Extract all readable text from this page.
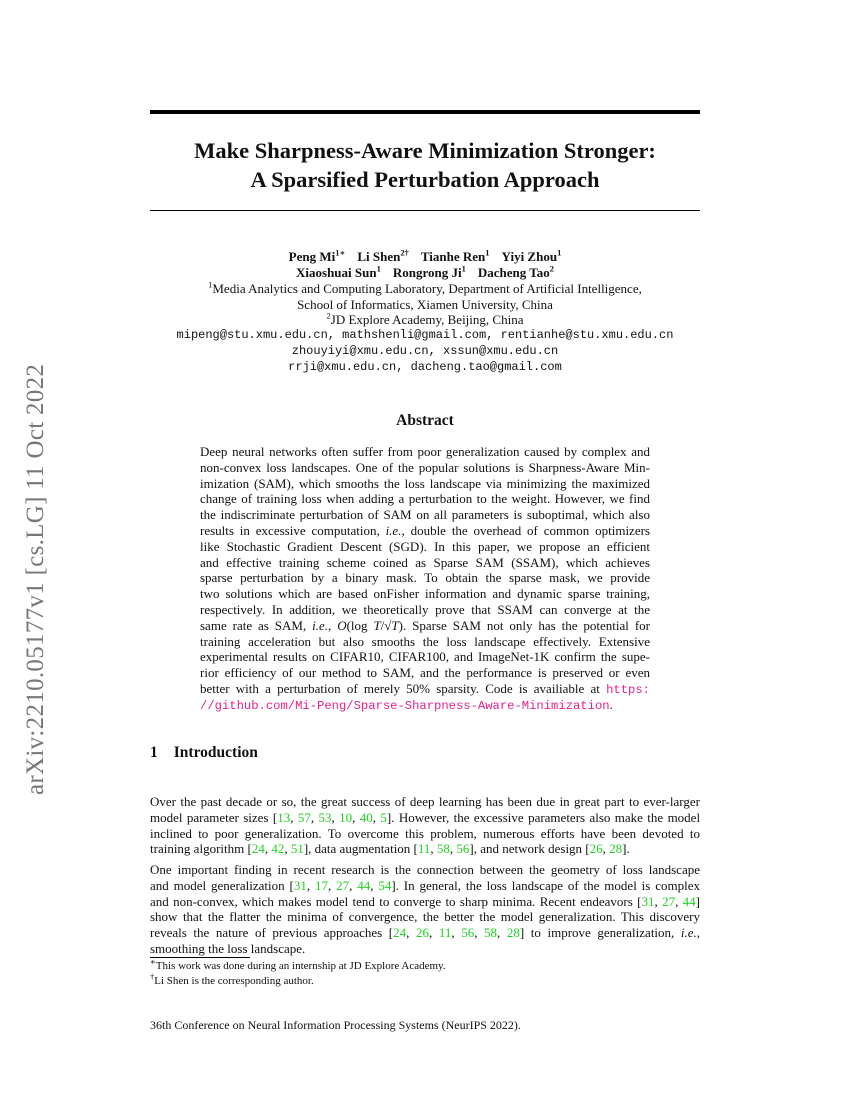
arXiv:2210.05177v1 [cs.LG] 11 Oct 2022
Make Sharpness-Aware Minimization Stronger:
A Sparsified Perturbation Approach
Peng $Mi^{1∗}$ Li Shen$^{2\dagger}$ Tianhe Ren$^1$ Yiyi Zhou$^1$
Xiaoshuai Sun$^1$ Rongrong Ji$^1$ Dacheng Tao$^2$
$^1$Media Analytics and Computing Laboratory, Department of Artificial Intelligence,
School of Informatics, Xiamen University, China
$^2$JD Explore Academy, Beijing, China
mipeng@stu.xmu.edu.cn, mathshenli@gmail.com, rentianhe@stu.xmu.edu.cn
zhouyiyi@xmu.edu.cn, xssun@xmu.edu.cn
rrji@xmu.edu.cn, dacheng.tao@gmail.com
Abstract
Deep neural networks often suffer from poor generalization caused by complex and
non-convex loss landscapes. One of the popular solutions is Sharpness-Aware Min-
imization (SAM), which smooths the loss landscape via minimizing the maximized
change of training loss when adding a perturbation to the weight. However, we find
the indiscriminate perturbation of SAM on all parameters is suboptimal, which also
results in excessive computation, i.e., double the overhead of common optimizers
like Stochastic Gradient Descent (SGD). In this paper, we propose an efficient
and effective training scheme coined as Sparse SAM (SSAM), which achieves
sparse perturbation by a binary mask. To obtain the sparse mask, we provide
two solutions which are based onFisher information and dynamic sparse training,
respectively. In addition, we theoretically prove that SSAM can converge at the
same rate as SAM, i.e., O(log T/√T). Sparse SAM not only has the potential for
training acceleration but also smooths the loss landscape effectively. Extensive
experimental results on CIFAR10, CIFAR100, and ImageNet-1K confirm the supe-
rior efficiency of our method to SAM, and the performance is preserved or even
better with a perturbation of merely 50% sparsity. Code is availiable at https:
//github.com/Mi-Peng/Sparse-Sharpness-Aware-Minimization.
1 Introduction
Over the past decade or so, the great success of deep learning has been due in great part to ever-larger
model parameter sizes [13, 57, 53, 10, 40, 5]. However, the excessive parameters also make the model
inclined to poor generalization. To overcome this problem, numerous efforts have been devoted to
training algorithm [24, 42, 51], data augmentation [11, 58, 56], and network design [26, 28].
One important finding in recent research is the connection between the geometry of loss landscape
and model generalization [31, 17, 27, 44, 54]. In general, the loss landscape of the model is complex
and non-convex, which makes model tend to converge to sharp minima. Recent endeavors [31, 27, 44]
show that the flatter the minima of convergence, the better the model generalization. This discovery
reveals the nature of previous approaches [24, 26, 11, 56, 58, 28] to improve generalization, i.e.,
smoothing the loss landscape.
∗This work was done during an internship at JD Explore Academy.
†Li Shen is the corresponding author.
36th Conference on Neural Information Processing Systems (NeurIPS 2022).
